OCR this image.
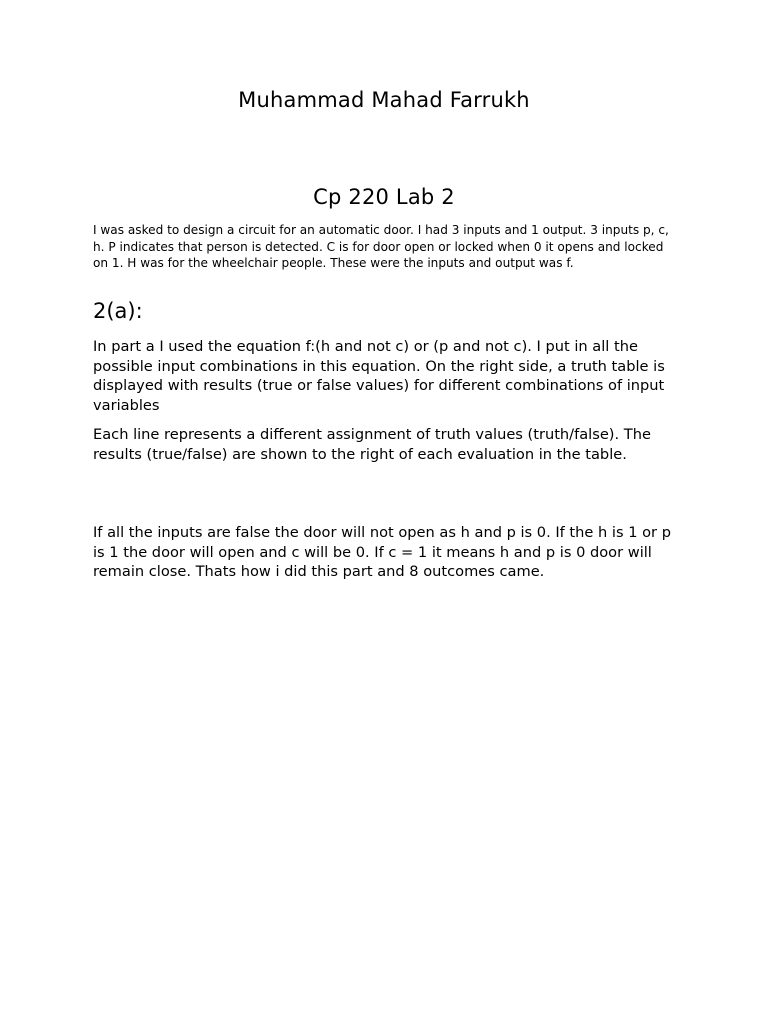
Muhammad Mahad Farrukh
Cp 220 Lab 2

I was asked to design a circuit for an automatic door. I had 3 inputs and 1 output. 3 inputs p, c, h. P indicates that person is detected. C is for door open or locked when 0 it opens and locked on 1. H was for the wheelchair people. These were the inputs and output was f.

2(a):

In part a I used the equation f:(h and not c) or (p and not c). I put in all the possible input combinations in this equation. On the right side, a truth table is displayed with results (true or false values) for different combinations of input variables

Each line represents a different assignment of truth values (truth/false). The results (true/false) are shown to the right of each evaluation in the table.

If all the inputs are false the door will not open as h and p is 0. If the h is 1 or p is 1 the door will open and c will be 0. If c = 1 it means h and p is 0 door will remain close. Thats how i did this part and 8 outcomes came.
